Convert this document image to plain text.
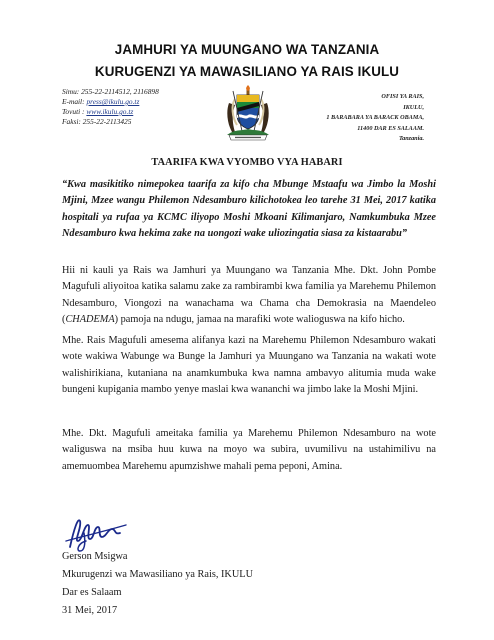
JAMHURI YA MUUNGANO WA TANZANIA
KURUGENZI YA MAWASILIANO YA RAIS IKULU
Simu: 255-22-2114512, 2116898
E-mail: press@ikulu.go.tz
Tovuti : www.ikulu.go.tz
Faksi: 255-22-2113425
OFISI YA RAIS,
IKULU,
1 BARABARA YA BARACK OBAMA,
11400 DAR ES SALAAM.
Tanzania.
TAARIFA KWA VYOMBO VYA HABARI
“Kwa masikitiko nimepokea taarifa za kifo cha Mbunge Mstaafu wa Jimbo la Moshi Mjini, Mzee wangu Philemon Ndesamburo kilichotokea leo tarehe 31 Mei, 2017 katika hospitali ya rufaa ya KCMC iliyopo Moshi Mkoani Kilimanjaro, Namkumbuka Mzee Ndesamburo kwa hekima zake na uongozi wake uliozingatia siasa za kistaarabu”
Hii ni kauli ya Rais wa Jamhuri ya Muungano wa Tanzania Mhe. Dkt. John Pombe Magufuli aliyoitoa katika salamu zake za rambirambi kwa familia ya Marehemu Philemon Ndesamburo, Viongozi na wanachama wa Chama cha Demokrasia na Maendeleo (CHADEMA) pamoja na ndugu, jamaa na marafiki wote walioguswa na kifo hicho.
Mhe. Rais Magufuli amesema alifanya kazi na Marehemu Philemon Ndesamburo wakati wote wakiwa Wabunge wa Bunge la Jamhuri ya Muungano wa Tanzania na wakati wote walishirikiana, kutaniana na anamkumbuka kwa namna ambavyo alitumia muda wake bungeni kupigania mambo yenye maslai kwa wananchi wa jimbo lake la Moshi Mjini.
Mhe. Dkt. Magufuli ameitaka familia ya Marehemu Philemon Ndesamburo na wote waliguswa na msiba huu kuwa na moyo wa subira, uvumilivu na ustahimilivu na amemuombea Marehemu apumzishwe mahali pema peponi, Amina.
Gerson Msigwa
Mkurugenzi wa Mawasiliano ya Rais, IKULU
Dar es Salaam
31 Mei, 2017
